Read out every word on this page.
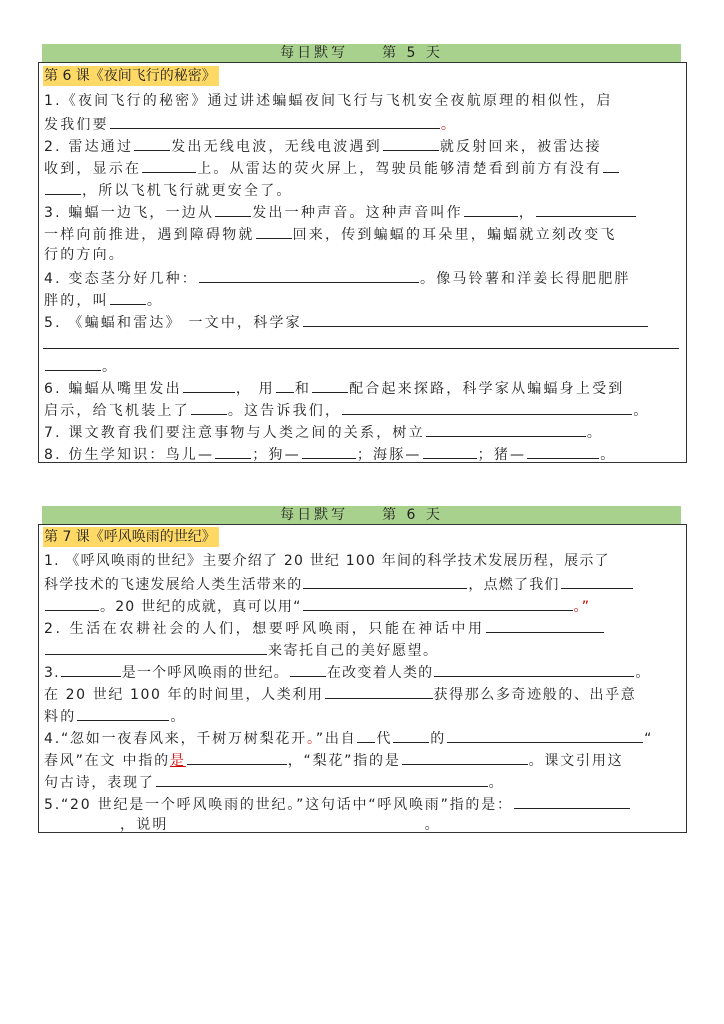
每日默写　　第 5 天
第 6 课《夜间飞行的秘密》
1.《夜间飞行的秘密》通过讲述蝙蝠夜间飞行与飞机安全夜航原理的相似性，启
发我们要	。
2. 雷达通过	发出无线电波，无线电波遇到	就反射回来，被雷达接
收到，显示在	上。从雷达的荧火屏上，驾驶员能够清楚看到前方有没有
，所以飞机飞行就更安全了。
3. 蝙蝠一边飞，一边从	发出一种声音。这种声音叫作	，
一样向前推进，遇到障碍物就	回来，传到蝙蝠的耳朵里，蝙蝠就立刻改变飞
行的方向。
4. 变态茎分好几种：	。像马铃薯和洋姜长得肥肥胖
胖的，叫	。
5. 《蝙蝠和雷达》 一文中，科学家
。
6. 蝙蝠从嘴里发出	， 用 和	配合起来探路，科学家从蝙蝠身上受到
启示，给飞机装上了	。这告诉我们，	。
7. 课文教育我们要注意事物与人类之间的关系，树立	。
8. 仿生学知识：鸟儿—	；狗—	；海豚—	；猪—	。
每日默写　　第 6 天
第 7 课《呼风唤雨的世纪》
1. 《呼风唤雨的世纪》主要介绍了 20 世纪 100 年间的科学技术发展历程，展示了
科学技术的飞速发展给人类生活带来的	，点燃了我们
。20 世纪的成就，真可以用“	。”
2. 生活在农耕社会的人们，想要呼风唤雨，只能在神话中用
来寄托自己的美好愿望。
3.	是一个呼风唤雨的世纪。	在改变着人类的	。
在 20 世纪 100 年的时间里，人类利用	获得那么多奇迹般的、出乎意
料的	。
4.“忽如一夜春风来，千树万树梨花开。”出自 代	的	“
春风”在文 中指的是	，“梨花”指的是	。课文引用这
句古诗，表现了	。
5.“20 世纪是一个呼风唤雨的世纪。”这句话中“呼风唤雨”指的是：
，说明	。
